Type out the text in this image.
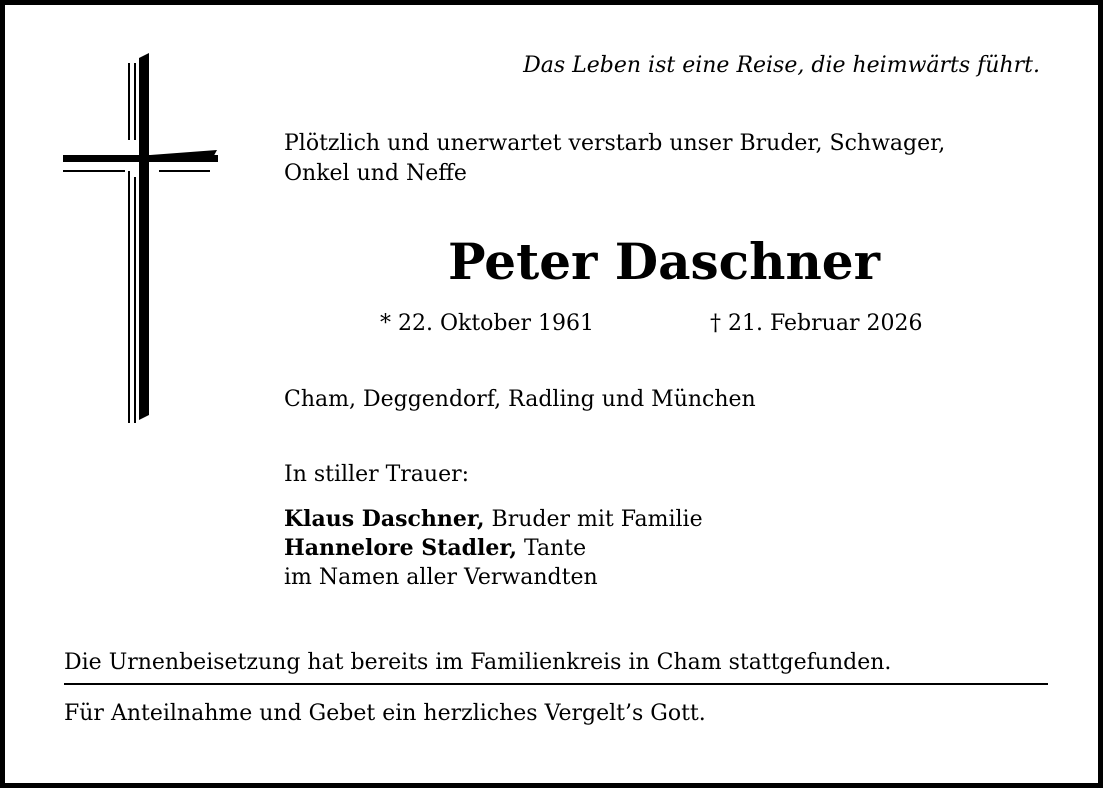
Das Leben ist eine Reise, die heimwärts führt.
Plötzlich und unerwartet verstarb unser Bruder, Schwager,
Onkel und Neffe
Peter Daschner
* 22. Oktober 1961	† 21. Februar 2026
Cham, Deggendorf, Radling und München
In stiller Trauer:
Klaus Daschner, Bruder mit Familie
Hannelore Stadler, Tante
im Namen aller Verwandten
Die Urnenbeisetzung hat bereits im Familienkreis in Cham stattgefunden.
Für Anteilnahme und Gebet ein herzliches Vergelt’s Gott.
